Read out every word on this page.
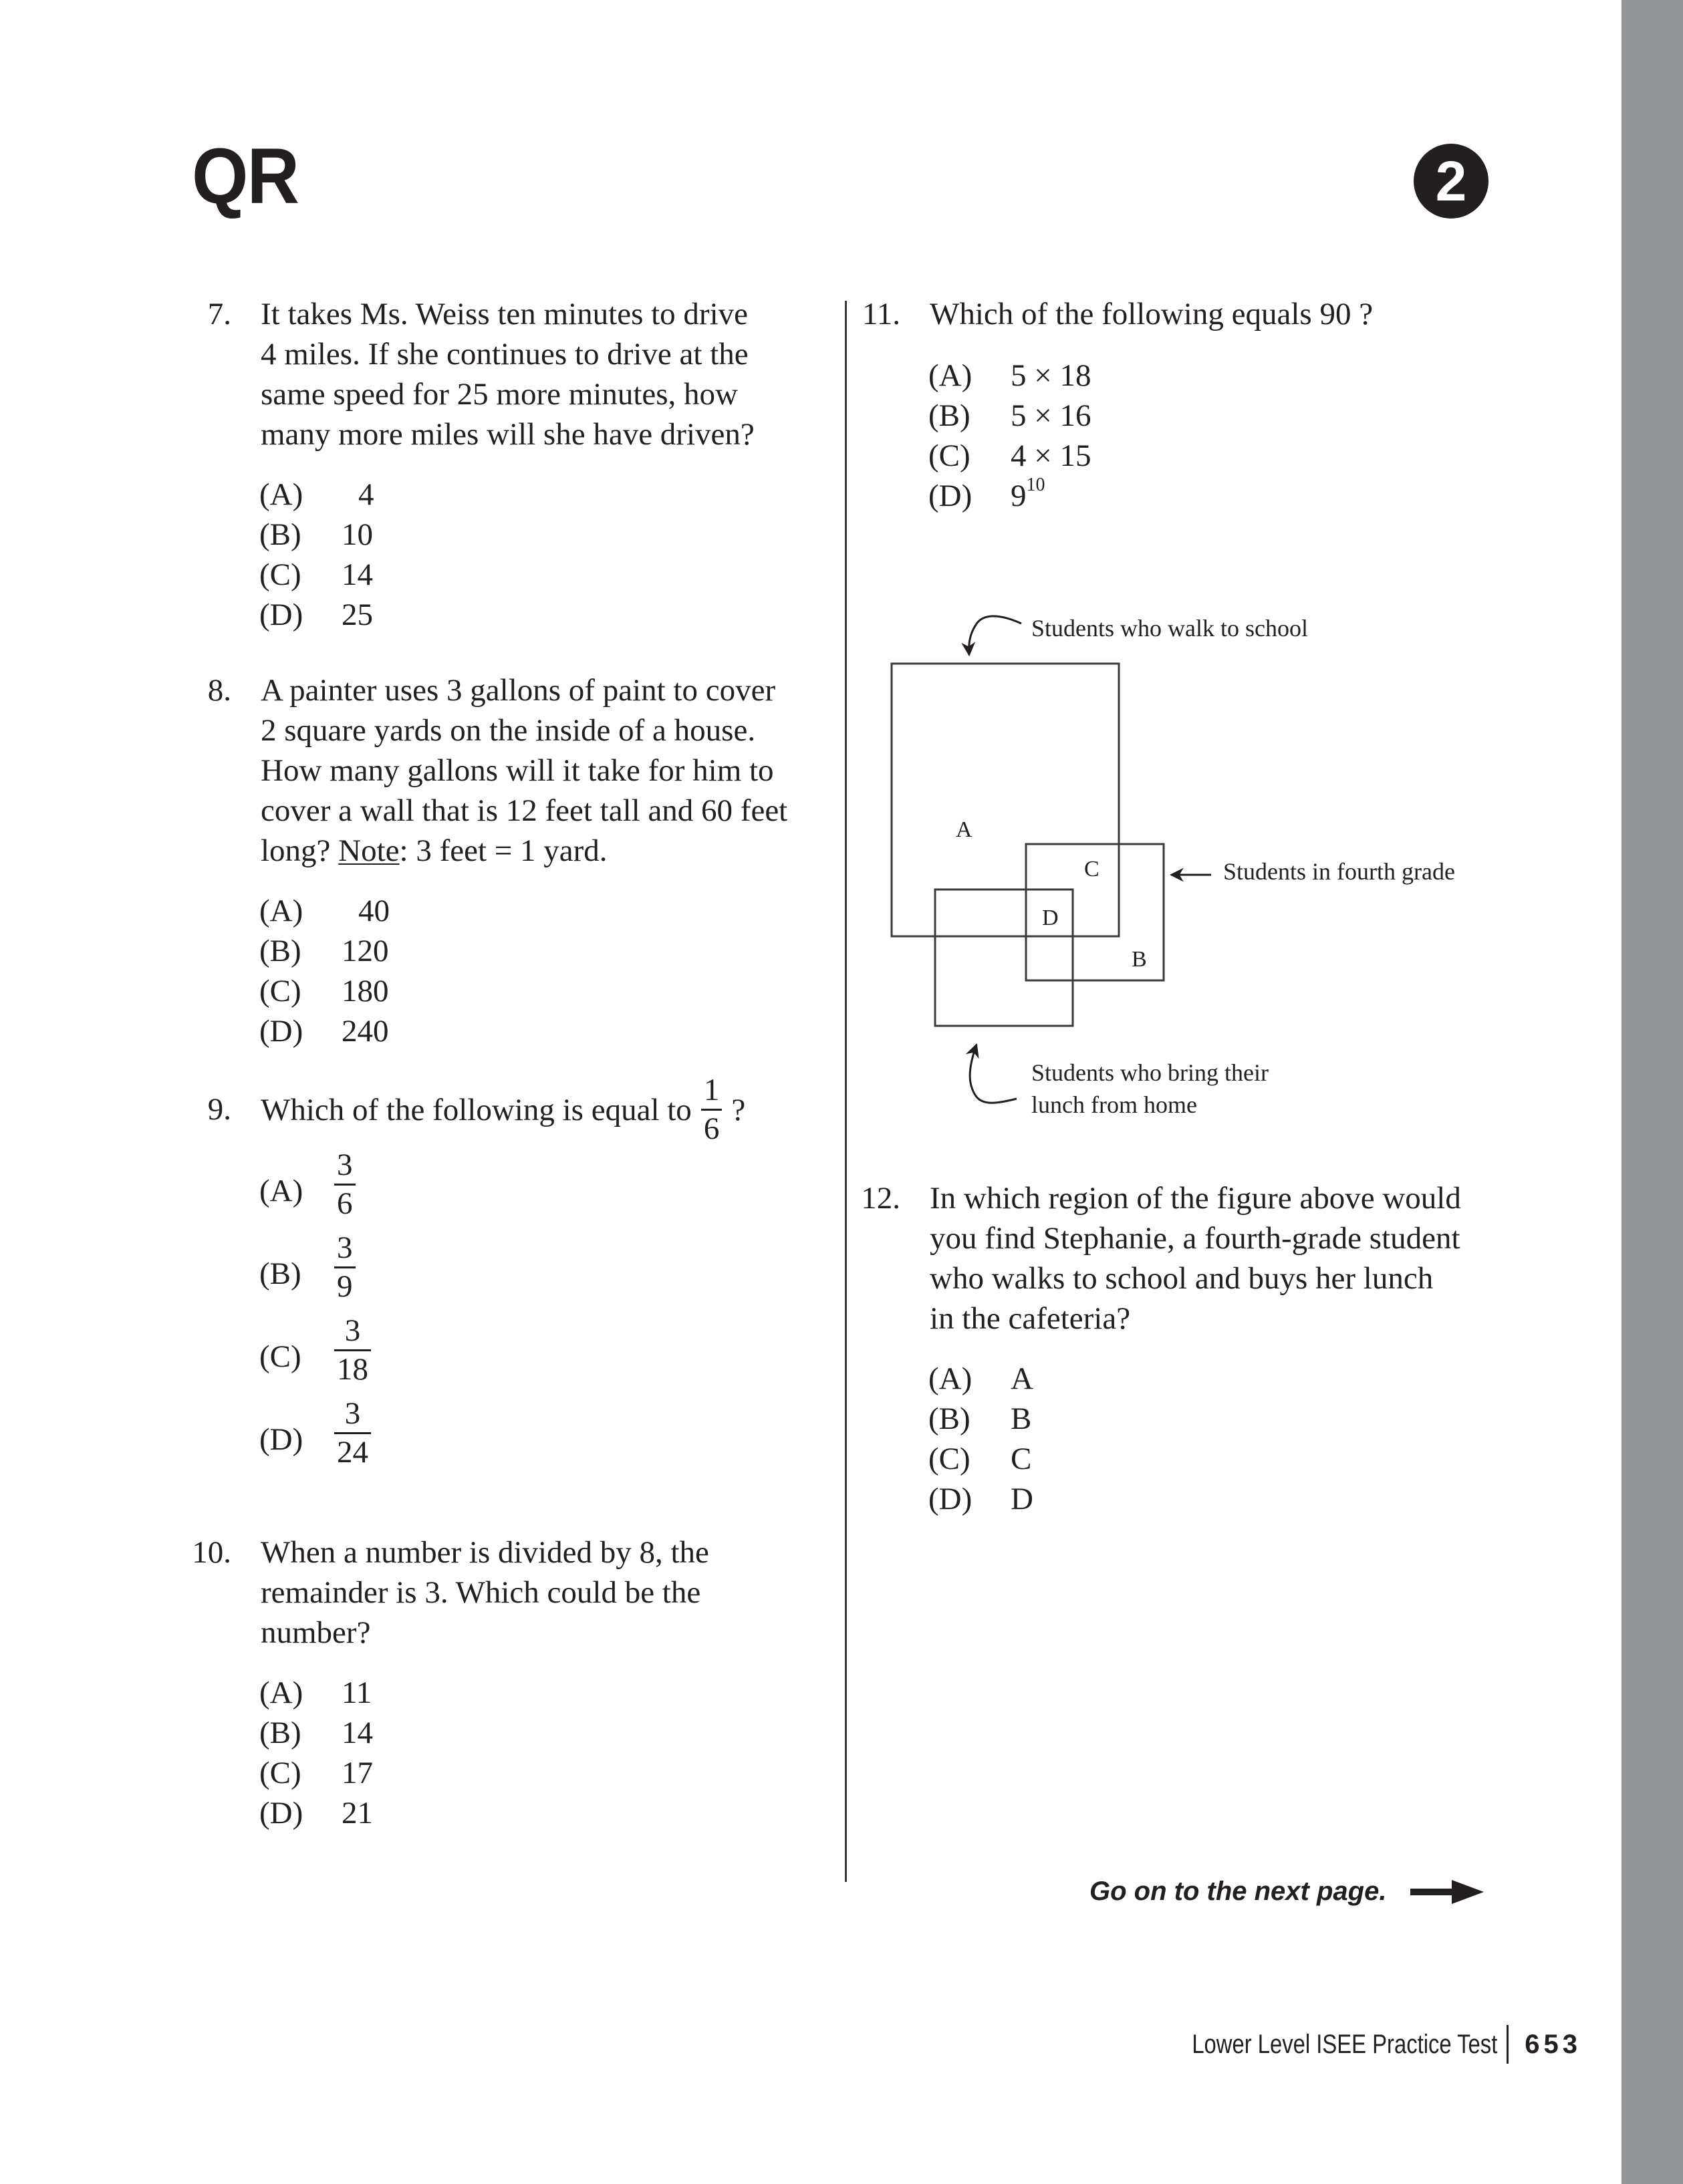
QR	2
7. It takes Ms. Weiss ten minutes to drive
4 miles. If she continues to drive at the
same speed for 25 more minutes, how
many more miles will she have driven?
(A) 4
(B) 10
(C) 14
(D) 25
8. A painter uses 3 gallons of paint to cover
2 square yards on the inside of a house.
How many gallons will it take for him to
cover a wall that is 12 feet tall and 60 feet
long? Note: 3 feet = 1 yard.
(A) 40
(B) 120
(C) 180
(D) 240
9. Which of the following is equal to $\frac{1}{6}$ ?
$(A) \frac{3}{6}$
$(B) \frac{3}{9}$
$(C) \frac{3}{18}$
$(D) \frac{3}{24}$
10. When a number is divided by 8, the
remainder is 3. Which could be the
number?
(A) 11
(B) 14
(C) 17
(D) 21
11. Which of the following equals 90 ?
(A) 5 × 18
(B) 5 × 16
(C) 4 × 15
(D) $9^{10}$
A
C
D
B
Students who walk to school
Students in fourth grade
Students who bring their
lunch from home
12. In which region of the figure above would
you find Stephanie, a fourth-grade student
who walks to school and buys her lunch
in the cafeteria?
(A) A
(B) B
(C) C
(D) D
Go on to the next page.
Lower Level ISEE Practice Test 653
